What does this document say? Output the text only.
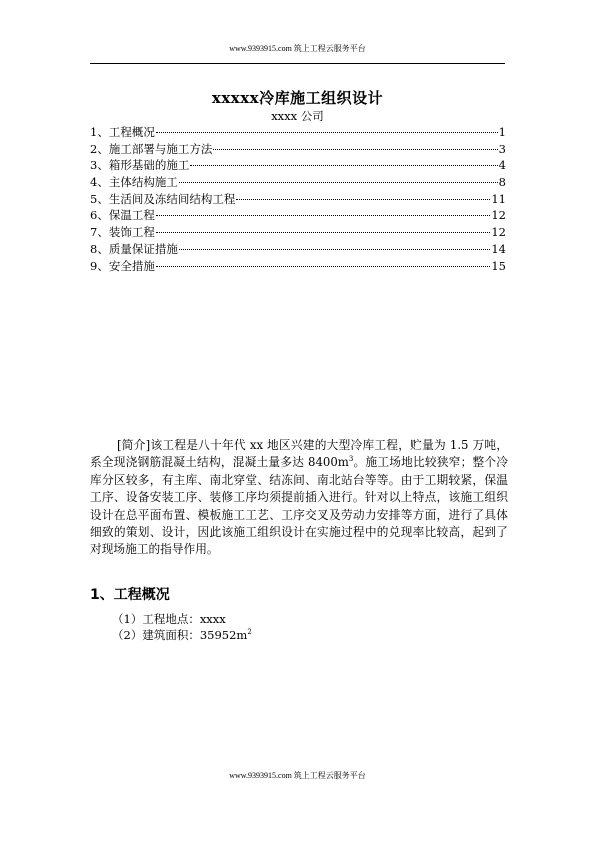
www.9393915.com 筑上工程云服务平台
xxxxx冷库施工组织设计
xxxx 公司
1、 工程概况	1
2、 施工部署与施工方法	3
3、 箱形基础的施工	4
4、 主体结构施工	8
5、 生活间及冻结间结构工程	11
6、 保温工程	12
7、 装饰工程	12
8、 质量保证措施	14
9、 安全措施	15

[简介]该工程是八十年代 xx 地区兴建的大型冷库工程，贮量为 1.5 万吨，系全现浇钢筋混凝土结构，混凝土量多达 $8400m^3$。施工场地比较狭窄；整个冷库分区较多，有主库、南北穿堂、结冻间、南北站台等等。由于工期较紧，保温工序、设备安装工序、装修工序均须提前插入进行。针对以上特点，该施工组织设计在总平面布置、模板施工工艺、工序交叉及劳动力安排等方面，进行了具体细致的策划、设计，因此该施工组织设计在实施过程中的兑现率比较高，起到了对现场施工的指导作用。

1、工程概况
（1）工程地点：xxxx
（2）建筑面积：$35952m^2$
www.9393915.com 筑上工程云服务平台
